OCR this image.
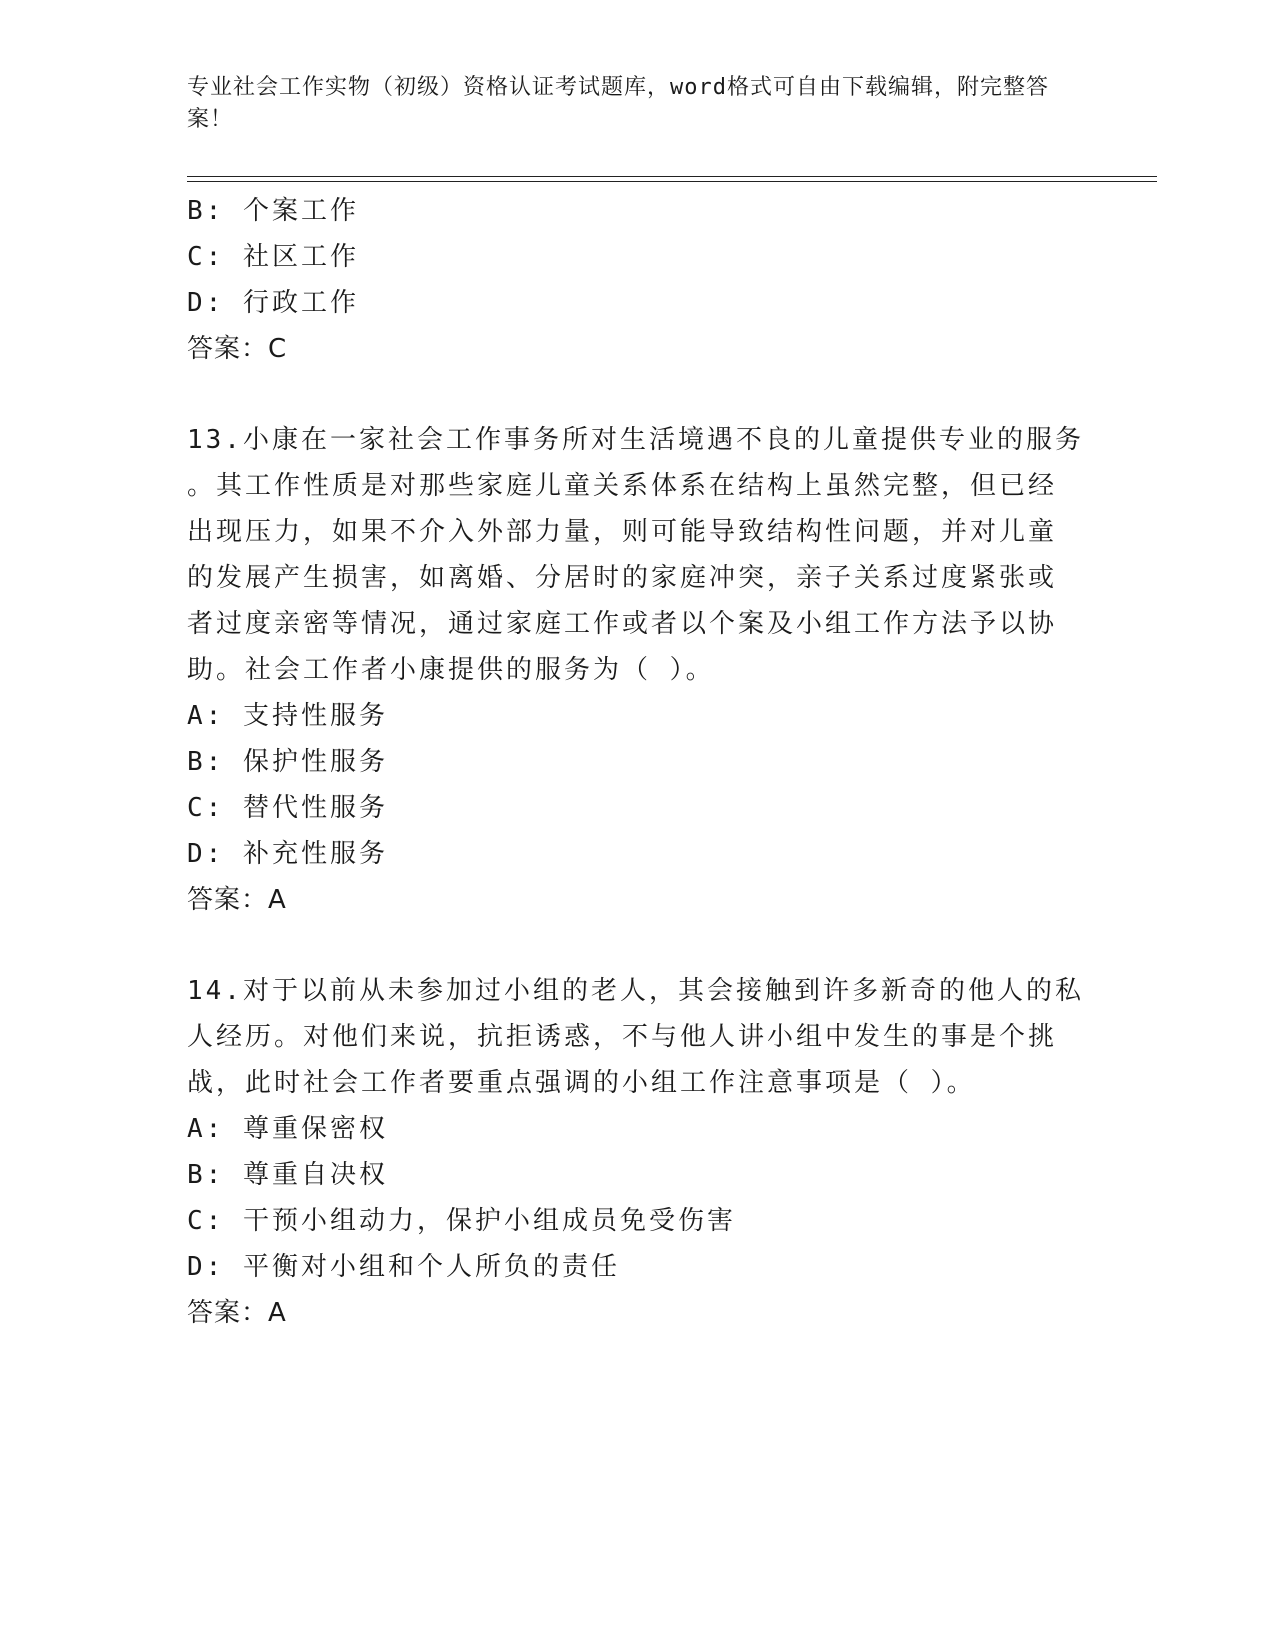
专业社会工作实物（初级）资格认证考试题库，word格式可自由下载编辑，附完整答案！
B: 个案工作
C: 社区工作
D: 行政工作
答案：C
13.小康在一家社会工作事务所对生活境遇不良的儿童提供专业的服务
。其工作性质是对那些家庭儿童关系体系在结构上虽然完整，但已经
出现压力，如果不介入外部力量，则可能导致结构性问题，并对儿童
的发展产生损害，如离婚、分居时的家庭冲突，亲子关系过度紧张或
者过度亲密等情况，通过家庭工作或者以个案及小组工作方法予以协
助。社会工作者小康提供的服务为（ ）。
A: 支持性服务
B: 保护性服务
C: 替代性服务
D: 补充性服务
答案：A
14.对于以前从未参加过小组的老人，其会接触到许多新奇的他人的私
人经历。对他们来说，抗拒诱惑，不与他人讲小组中发生的事是个挑
战，此时社会工作者要重点强调的小组工作注意事项是（ ）。
A: 尊重保密权
B: 尊重自决权
C: 干预小组动力，保护小组成员免受伤害
D: 平衡对小组和个人所负的责任
答案：A
